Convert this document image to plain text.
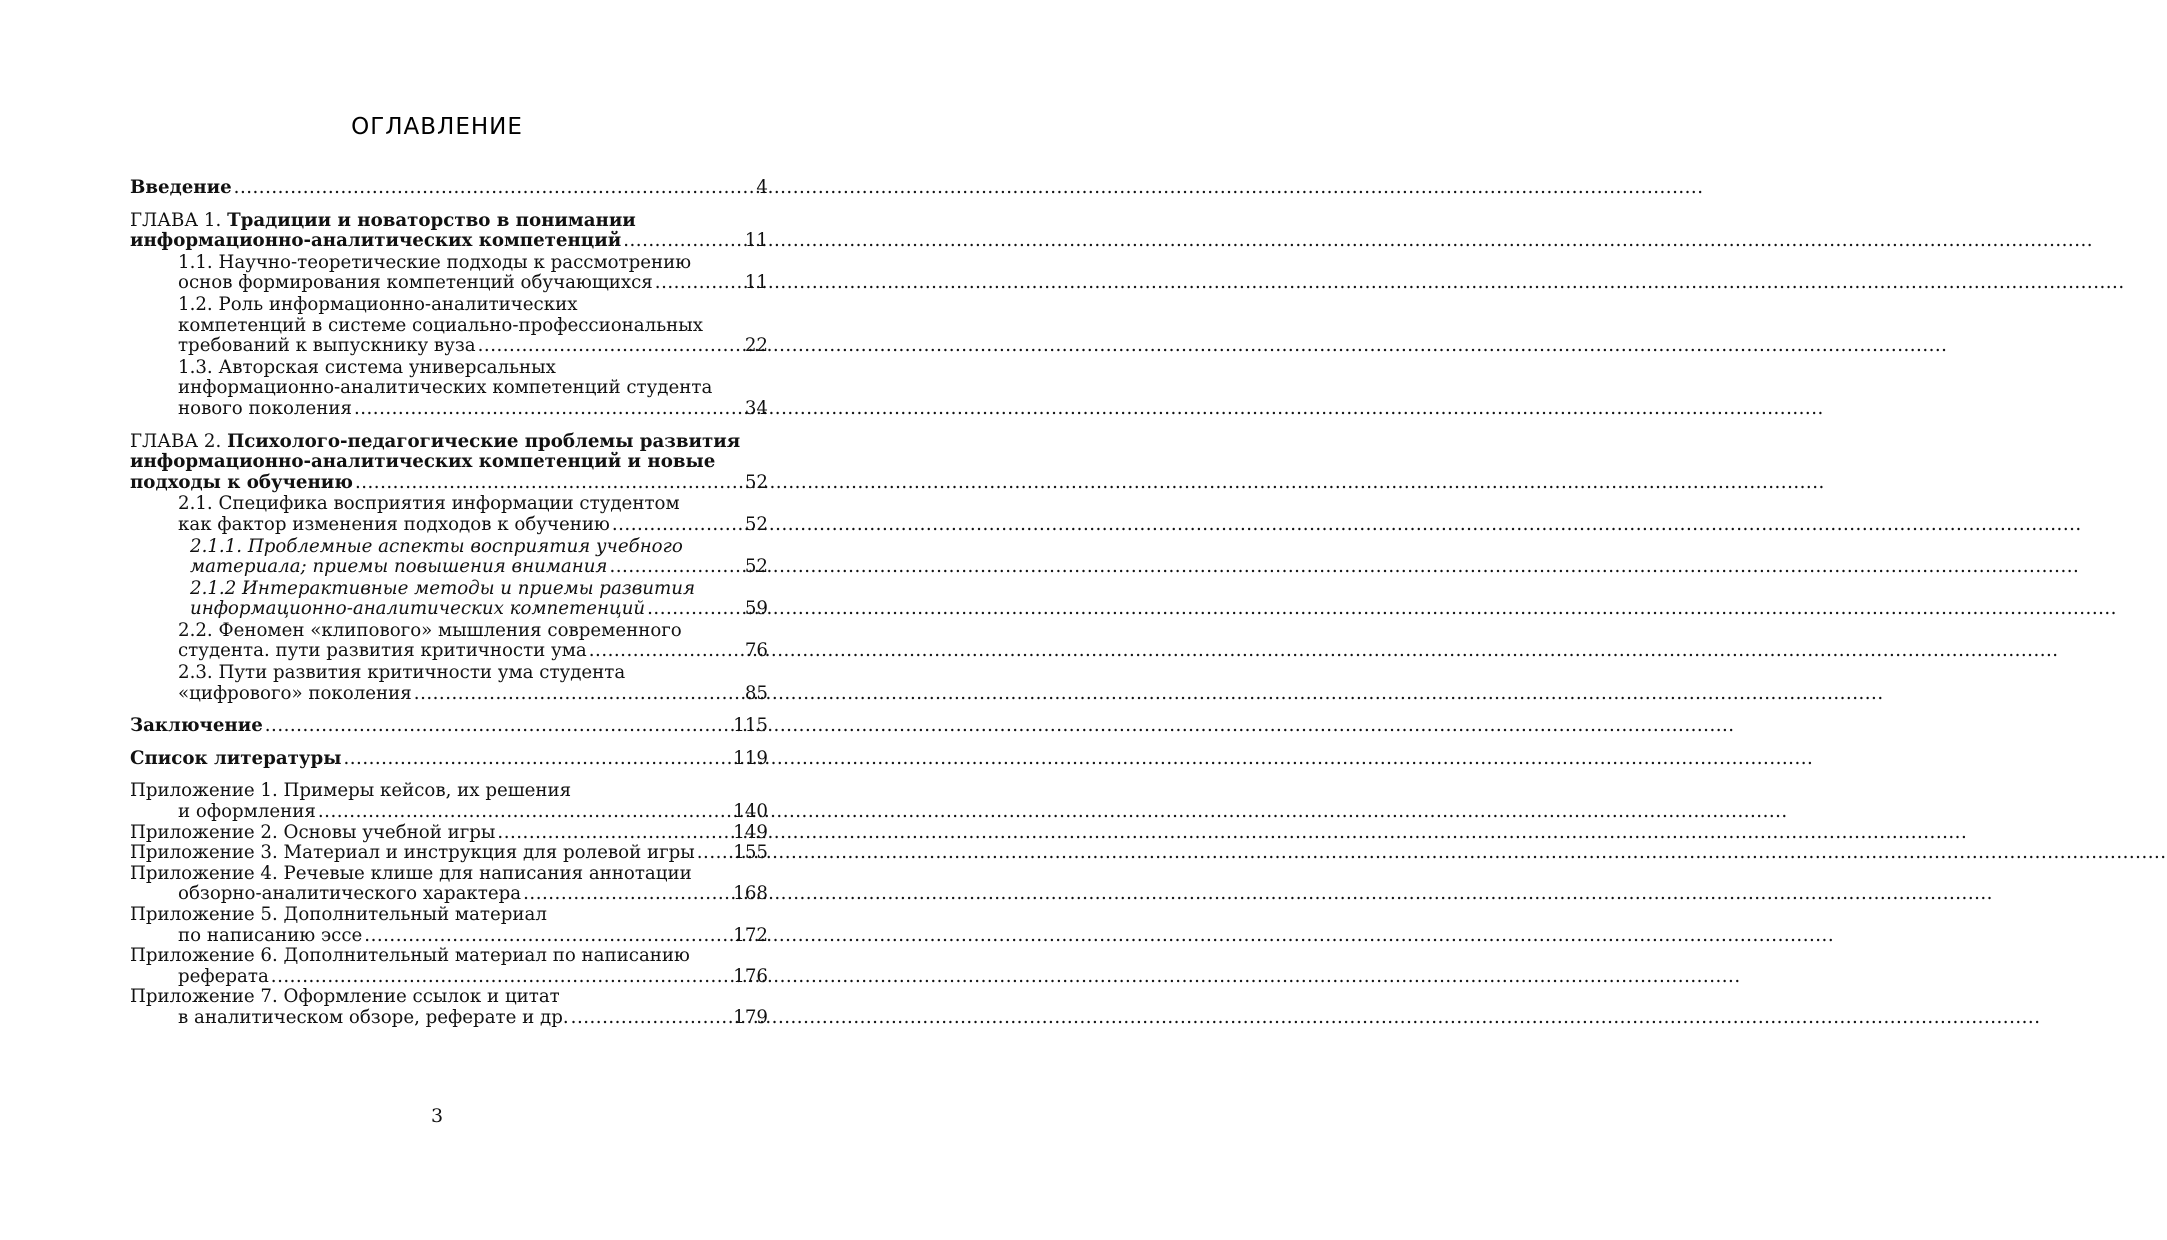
ОГЛАВЛЕНИЕ
Введение .....	4
ГЛАВА 1. Традиции и новаторство в понимании
информационно-аналитических компетенций .....	11
1.1. Научно-теоретические подходы к рассмотрению
основ формирования компетенций обучающихся .....	11
1.2. Роль информационно-аналитических
компетенций в системе социально-профессиональных
требований к выпускнику вуза .....	22
1.3. Авторская система универсальных
информационно-аналитических компетенций студента
нового поколения .....	34
ГЛАВА 2. Психолого-педагогические проблемы развития
информационно-аналитических компетенций и новые
подходы к обучению .....	52
2.1. Специфика восприятия информации студентом
как фактор изменения подходов к обучению .....	52
2.1.1. Проблемные аспекты восприятия учебного
материала; приемы повышения внимания .....	52
2.1.2 Интерактивные методы и приемы развития
информационно-аналитических компетенций .....	59
2.2. Феномен «клипового» мышления современного
студента. пути развития критичности ума .....	76
2.3. Пути развития критичности ума студента
«цифрового» поколения .....	85
Заключение .....	115
Список литературы .....	119
Приложение 1. Примеры кейсов, их решения
и оформления .....	140
Приложение 2. Основы учебной игры .....	149
Приложение 3. Материал и инструкция для ролевой игры ..... 155
Приложение 4. Речевые клише для написания аннотации
обзорно-аналитического характера .....	168
Приложение 5. Дополнительный материал
по написанию эссе .....	172
Приложение 6. Дополнительный материал по написанию
реферата .....	176
Приложение 7. Оформление ссылок и цитат
в аналитическом обзоре, реферате и др. .....	179
3
